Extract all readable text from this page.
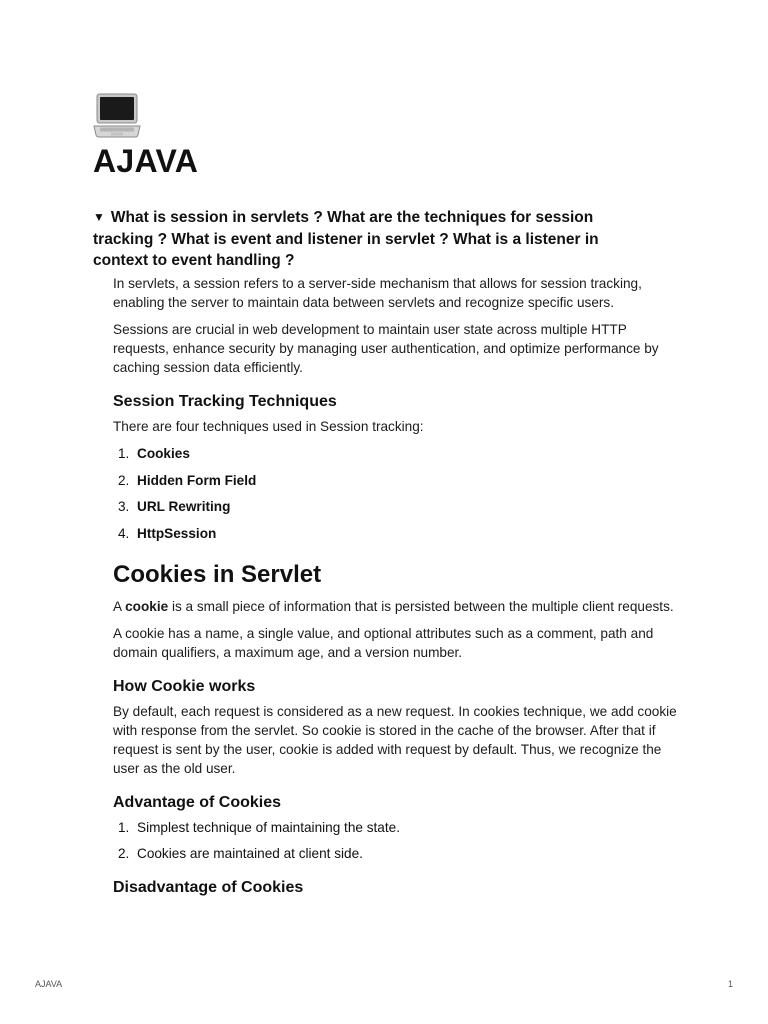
AJAVA
▼ What is session in servlets ? What are the techniques for session tracking ? What is event and listener in servlet ? What is a listener in context to event handling ?

In servlets, a session refers to a server-side mechanism that allows for session tracking, enabling the server to maintain data between servlets and recognize specific users.

Sessions are crucial in web development to maintain user state across multiple HTTP requests, enhance security by managing user authentication, and optimize performance by caching session data efficiently.

Session Tracking Techniques

There are four techniques used in Session tracking:

1. Cookies
2. Hidden Form Field
3. URL Rewriting
4. HttpSession
Cookies in Servlet

A cookie is a small piece of information that is persisted between the multiple client requests.

A cookie has a name, a single value, and optional attributes such as a comment, path and domain qualifiers, a maximum age, and a version number.

How Cookie works

By default, each request is considered as a new request. In cookies technique, we add cookie with response from the servlet. So cookie is stored in the cache of the browser. After that if request is sent by the user, cookie is added with request by default. Thus, we recognize the user as the old user.

Advantage of Cookies
1. Simplest technique of maintaining the state.
2. Cookies are maintained at client side.
Disadvantage of Cookies
AJAVA	1
